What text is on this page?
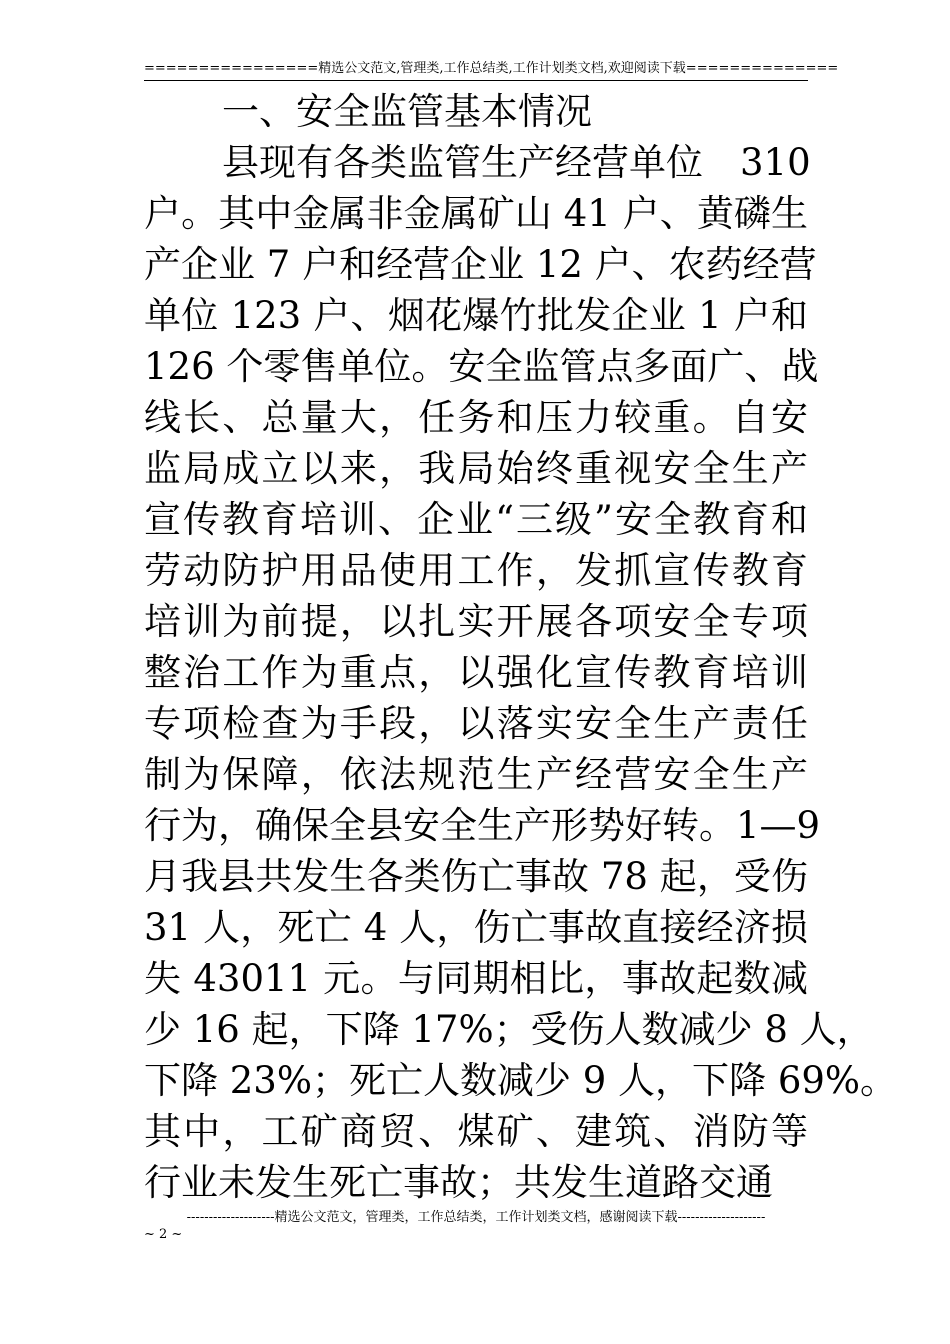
================精选公文范文,管理类,工作总结类,工作计划类文档,欢迎阅读下载==============
一、安全监管基本情况
县现有各类监管生产经营单位　310
户。其中金属非金属矿山 41 户、黄磷生
产企业 7 户和经营企业 12 户、农药经营
单位 123 户、烟花爆竹批发企业 1 户和
126 个零售单位。安全监管点多面广、战
线长、总量大，任务和压力较重。自安
监局成立以来，我局始终重视安全生产
宣传教育培训、企业“三级”安全教育和
劳动防护用品使用工作，发抓宣传教育
培训为前提，以扎实开展各项安全专项
整治工作为重点，以强化宣传教育培训
专项检查为手段，以落实安全生产责任
制为保障，依法规范生产经营安全生产
行为，确保全县安全生产形势好转。1—9
月我县共发生各类伤亡事故 78 起，受伤
31 人，死亡 4 人，伤亡事故直接经济损
失 43011 元。与同期相比，事故起数减
少 16 起，下降 17%；受伤人数减少 8 人，
下降 23%；死亡人数减少 9 人，下降 69%。
其中，工矿商贸、煤矿、建筑、消防等
行业未发生死亡事故；共发生道路交通
--------------------精选公文范文，管理类，工作总结类，工作计划类文档，感谢阅读下载--------------------
~ 2 ~
